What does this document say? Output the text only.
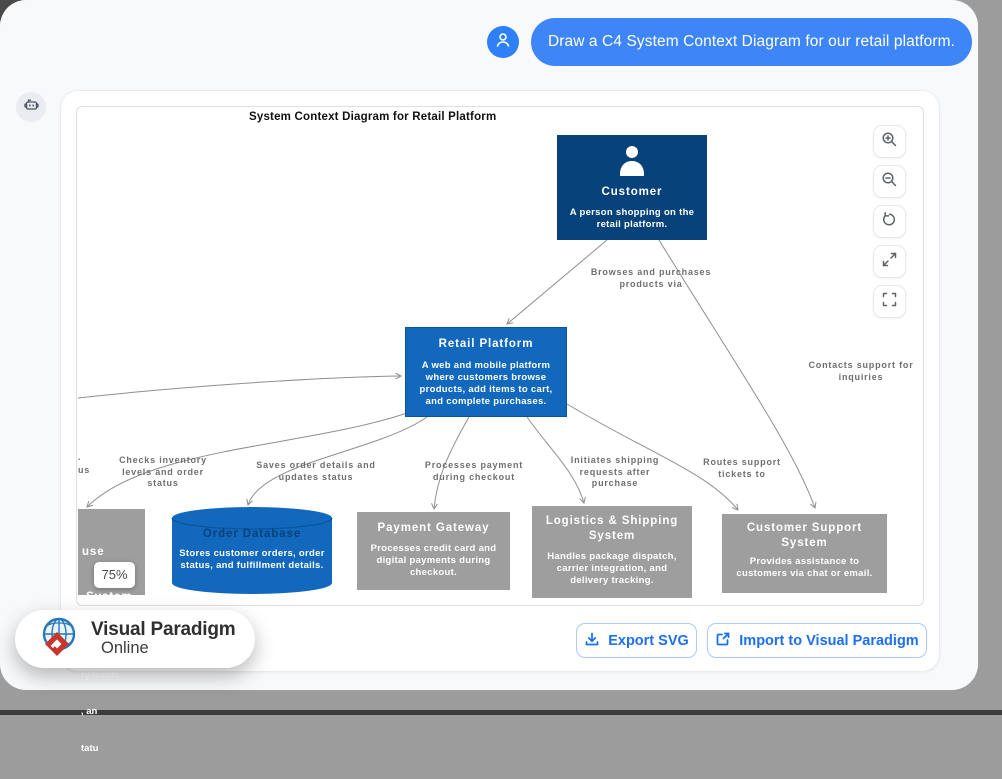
Draw a C4 System Context Diagram for our retail platform.
System Context Diagram for Retail Platform
Browses and purchases products via
Contacts support for inquiries
Checks inventory levels and order status
Saves order details and updates status
Processes payment during checkout
Initiates shipping requests after purchase
Routes support tickets to
.
us
Customer
A person shopping on the retail platform.
Retail Platform
A web and mobile platform where customers browse products, add items to cart, and complete purchases.

use

System

ry levels

, an

tatu

Order Database
Stores customer orders, order status, and fulfillment details.
Payment Gateway
Processes credit card and digital payments during checkout.
Logistics & Shipping System
Handles package dispatch, carrier integration, and delivery tracking.
Customer Support System
Provides assistance to customers via chat or email.
75%
Export SVG	Import to Visual Paradigm
Visual Paradigm
Online
